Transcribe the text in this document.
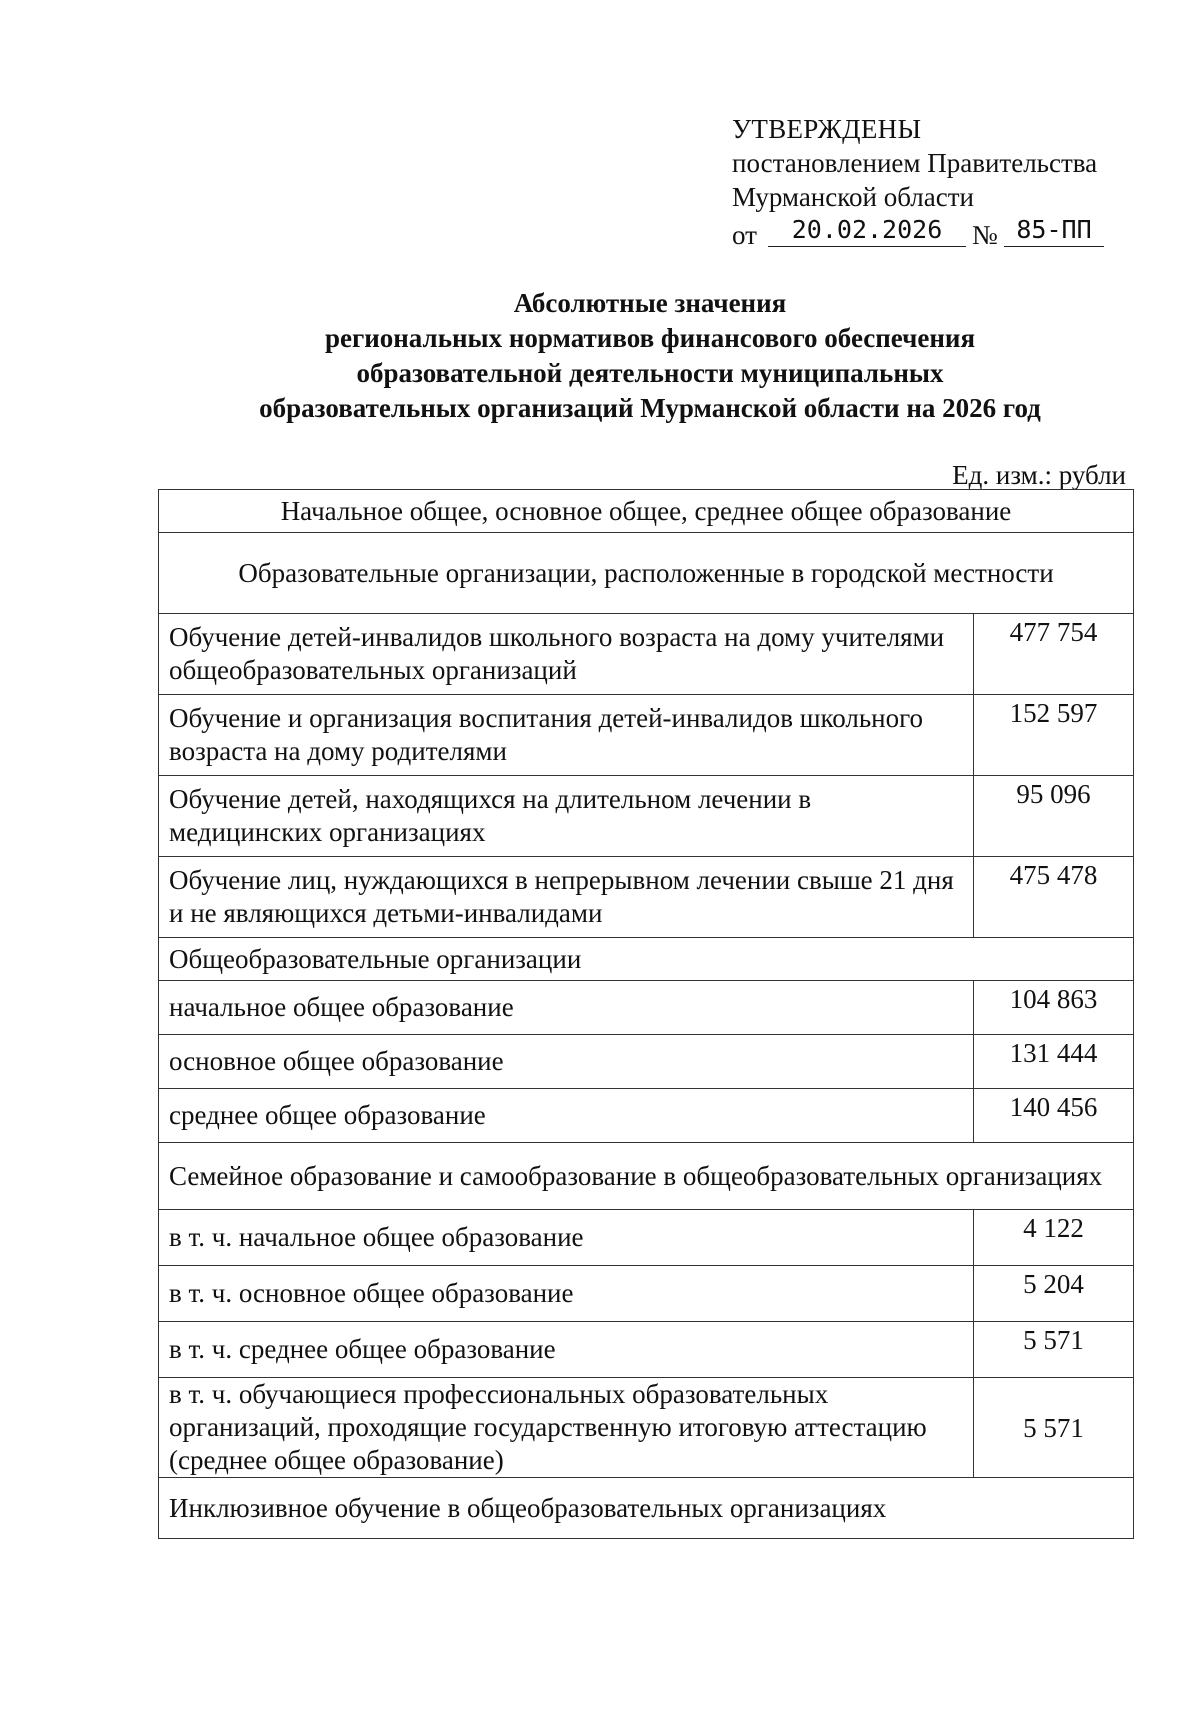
УТВЕРЖДЕНЫ
постановлением Правительства
Мурманской области
от	20.02.2026	№ 85-ПП
Абсолютные значения
региональных нормативов финансового обеспечения
образовательной деятельности муниципальных
образовательных организаций Мурманской области на 2026 год
Ед. изм.: рубли
Начальное общее, основное общее, среднее общее образование	
Образовательные организации, расположенные в городской местности	
Обучение детей-инвалидов школьного возраста на дому учителями общеобразовательных организаций	477 754
Обучение и организация воспитания детей-инвалидов школьного возраста на дому родителями	152 597
Обучение детей, находящихся на длительном лечении в медицинских организациях	95 096
Обучение лиц, нуждающихся в непрерывном лечении свыше 21 дня и не являющихся детьми-инвалидами	475 478
Общеобразовательные организации	
начальное общее образование	104 863
основное общее образование	131 444
среднее общее образование	140 456
Семейное образование и самообразование в общеобразовательных организациях	
в т. ч. начальное общее образование	4 122
в т. ч. основное общее образование	5 204
в т. ч. среднее общее образование	5 571
в т. ч. обучающиеся профессиональных образовательных организаций, проходящие государственную итоговую аттестацию (среднее общее образование)	5 571
Инклюзивное обучение в общеобразовательных организациях	
